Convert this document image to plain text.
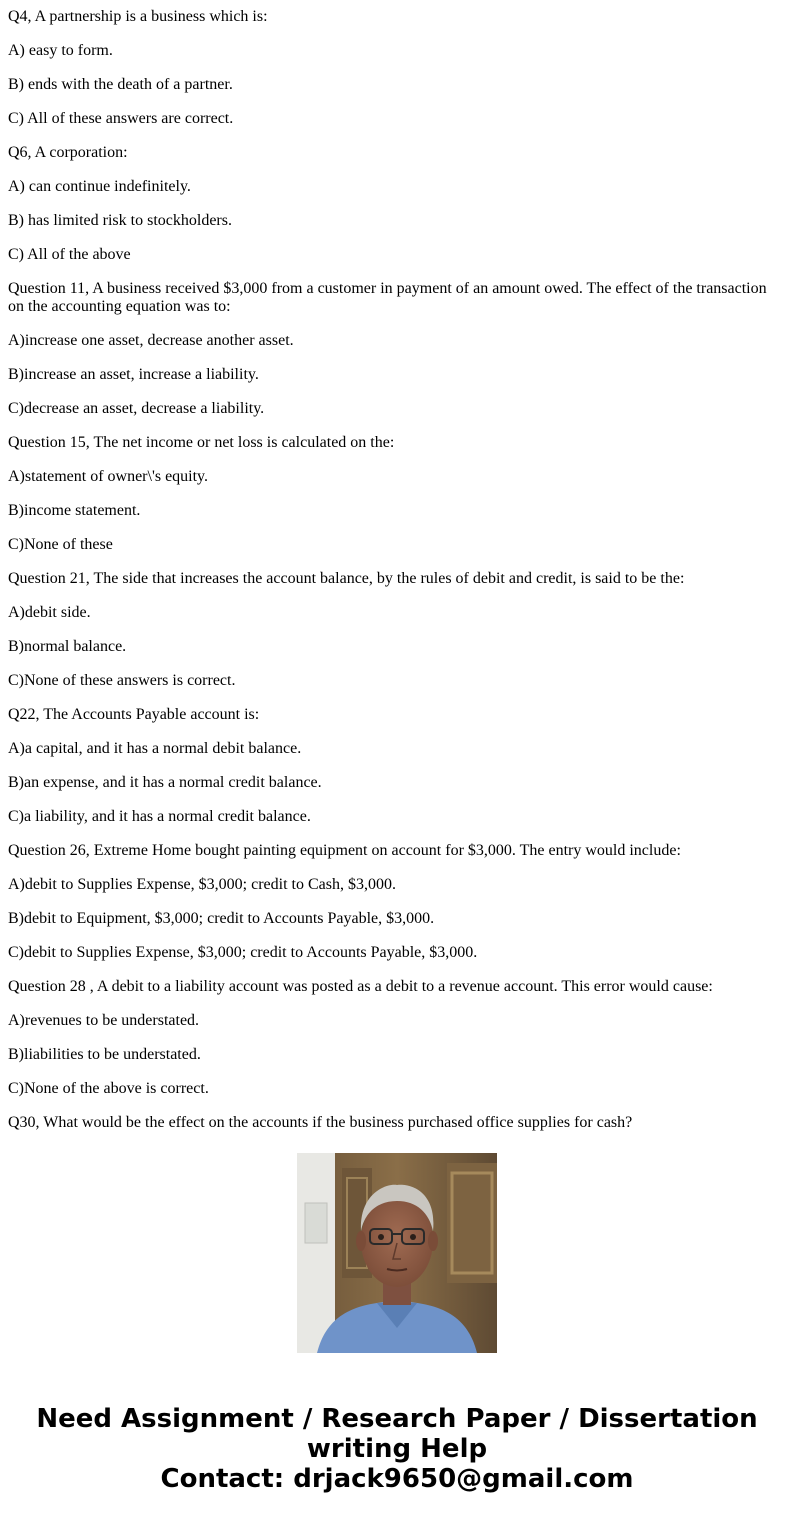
Q4, A partnership is a business which is:

A) easy to form.

B) ends with the death of a partner.

C) All of these answers are correct.

Q6, A corporation:

A) can continue indefinitely.

B) has limited risk to stockholders.

C) All of the above

Question 11, A business received $3,000 from a customer in payment of an amount owed. The effect of the transaction on the accounting equation was to:

A)increase one asset, decrease another asset.

B)increase an asset, increase a liability.

C)decrease an asset, decrease a liability.

Question 15, The net income or net loss is calculated on the:

A)statement of owner\'s equity.

B)income statement.

C)None of these

Question 21, The side that increases the account balance, by the rules of debit and credit, is said to be the:

A)debit side.

B)normal balance.

C)None of these answers is correct.

Q22, The Accounts Payable account is:

A)a capital, and it has a normal debit balance.

B)an expense, and it has a normal credit balance.

C)a liability, and it has a normal credit balance.

Question 26, Extreme Home bought painting equipment on account for $3,000. The entry would include:

A)debit to Supplies Expense, $3,000; credit to Cash, $3,000.

B)debit to Equipment, $3,000; credit to Accounts Payable, $3,000.

C)debit to Supplies Expense, $3,000; credit to Accounts Payable, $3,000.

Question 28 , A debit to a liability account was posted as a debit to a revenue account. This error would cause:

A)revenues to be understated.

B)liabilities to be understated.

C)None of the above is correct.

Q30, What would be the effect on the accounts if the business purchased office supplies for cash?

Need Assignment / Research Paper / Dissertation
writing Help
Contact: drjack9650@gmail.com
